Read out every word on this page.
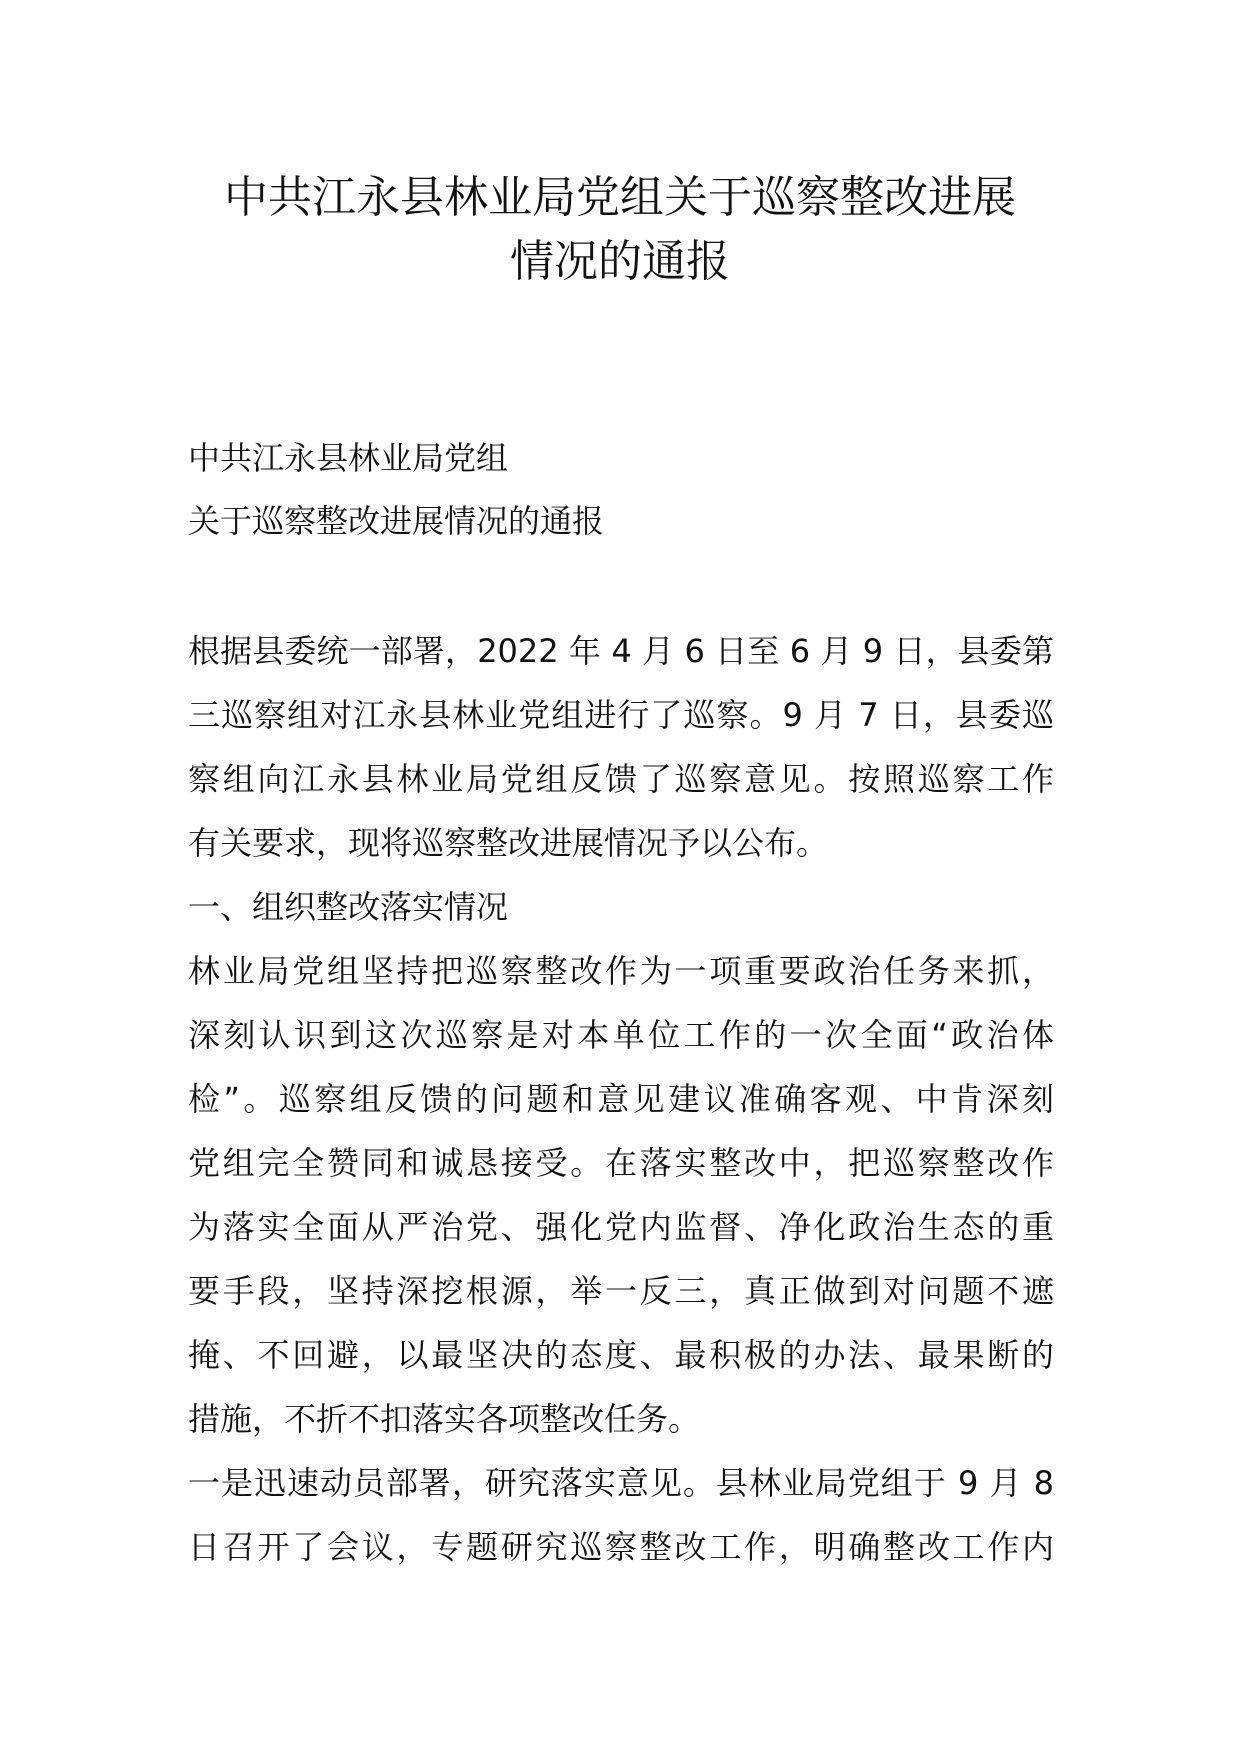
中共江永县林业局党组关于巡察整改进展
情况的通报

中共江永县林业局党组

关于巡察整改进展情况的通报

根据县委统一部署，2022 年 4 月 6 日至 6 月 9 日，县委第

三巡察组对江永县林业党组进行了巡察。9 月 7 日，县委巡

察组向江永县林业局党组反馈了巡察意见。按照巡察工作

有关要求，现将巡察整改进展情况予以公布。

一、组织整改落实情况

林业局党组坚持把巡察整改作为一项重要政治任务来抓，

深刻认识到这次巡察是对本单位工作的一次全面“政治体

检”。巡察组反馈的问题和意见建议准确客观、中肯深刻

党组完全赞同和诚恳接受。在落实整改中，把巡察整改作

为落实全面从严治党、强化党内监督、净化政治生态的重

要手段，坚持深挖根源，举一反三，真正做到对问题不遮

掩、不回避，以最坚决的态度、最积极的办法、最果断的

措施，不折不扣落实各项整改任务。

一是迅速动员部署，研究落实意见。县林业局党组于 9 月 8

日召开了会议，专题研究巡察整改工作，明确整改工作内
